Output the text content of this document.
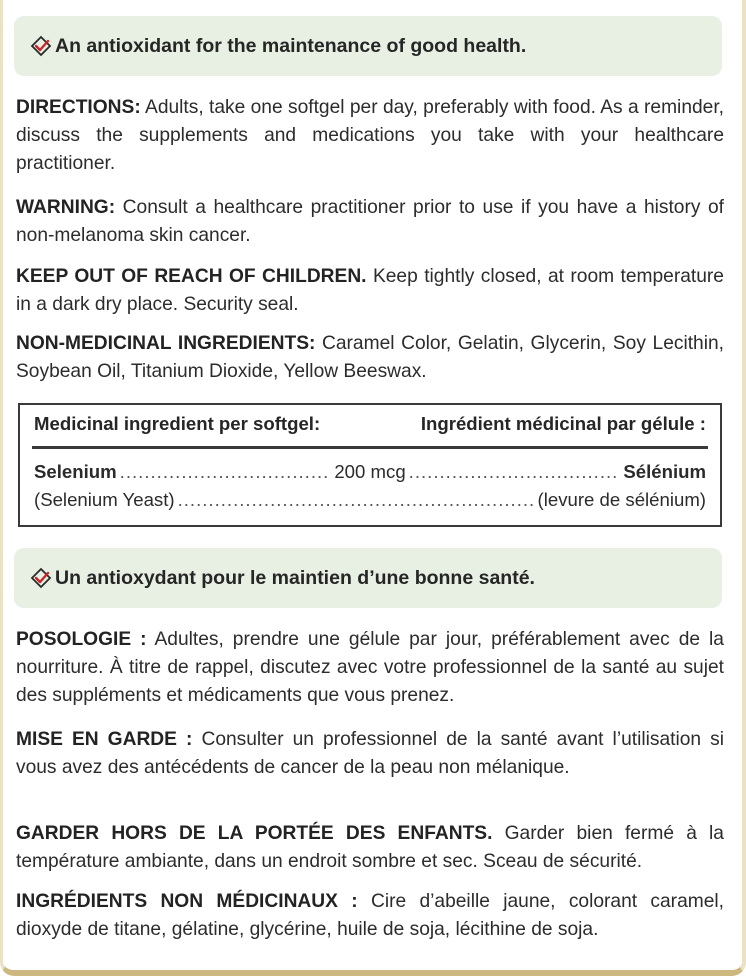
An antioxidant for the maintenance of good health.
DIRECTIONS: Adults, take one softgel per day, preferably with food. As a reminder, discuss the supplements and medications you take with your healthcare practitioner.
WARNING: Consult a healthcare practitioner prior to use if you have a history of non-melanoma skin cancer.
KEEP OUT OF REACH OF CHILDREN. Keep tightly closed, at room temperature in a dark dry place. Security seal.
NON-MEDICINAL INGREDIENTS: Caramel Color, Gelatin, Glycerin, Soy Lecithin, Soybean Oil, Titanium Dioxide, Yellow Beeswax.
Medicinal ingredient per softgel:	Ingrédient médicinal par gélule :
Selenium .....	200 mcg .....	Sélénium
(Selenium Yeast) .....	(levure de sélénium)
Un antioxydant pour le maintien d’une bonne santé.
POSOLOGIE : Adultes, prendre une gélule par jour, préférablement avec de la nourriture. À titre de rappel, discutez avec votre professionnel de la santé au sujet des suppléments et médicaments que vous prenez.
MISE EN GARDE : Consulter un professionnel de la santé avant l’utilisation si vous avez des antécédents de cancer de la peau non mélanique.
GARDER HORS DE LA PORTÉE DES ENFANTS. Garder bien fermé à la température ambiante, dans un endroit sombre et sec. Sceau de sécurité.
INGRÉDIENTS NON MÉDICINAUX : Cire d’abeille jaune, colorant caramel, dioxyde de titane, gélatine, glycérine, huile de soja, lécithine de soja.
